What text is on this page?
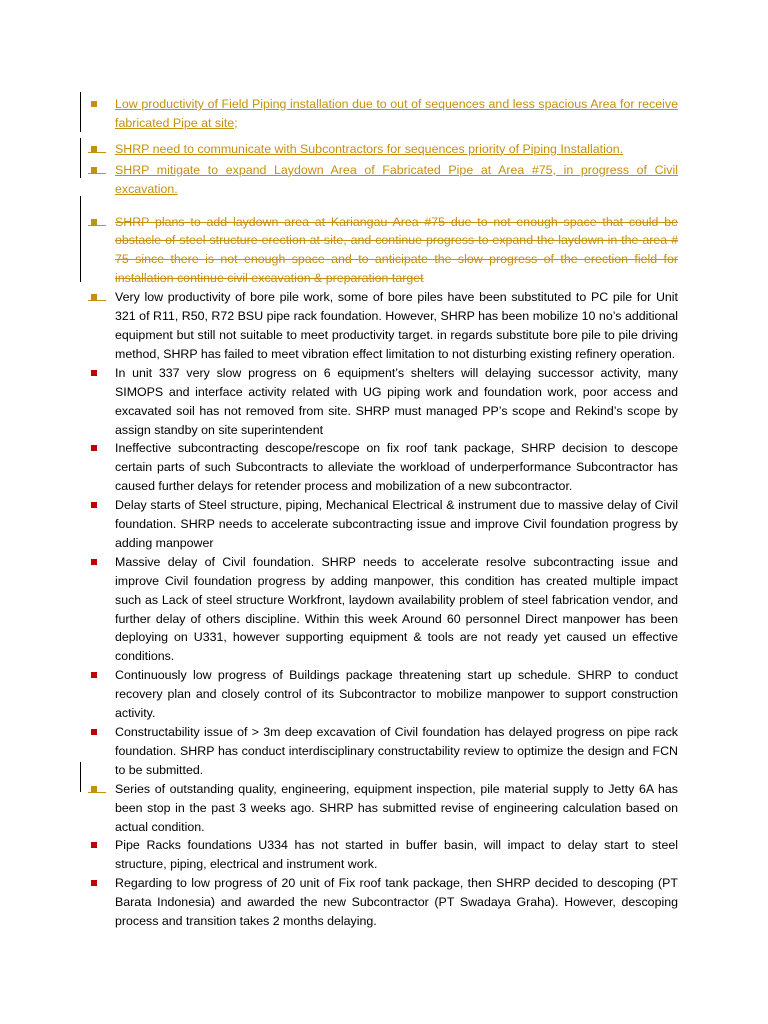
Low productivity of Field Piping installation due to out of sequences and less spacious Area for receive fabricated Pipe at site;
SHRP need to communicate with Subcontractors for sequences priority of Piping Installation.
SHRP mitigate to expand Laydown Area of Fabricated Pipe at Area #75, in progress of Civil excavation.
SHRP plans to add laydown area at Kariangau Area #75 due to not enough space that could be obstacle of steel structure erection at site, and continue progress to expand the laydown in the area # 75 since there is not enough space and to anticipate the slow progress of the erection field for installation continue civil excavation & preparation target
Very low productivity of bore pile work, some of bore piles have been substituted to PC pile for Unit 321 of R11, R50, R72 BSU pipe rack foundation. However, SHRP has been mobilize 10 no’s additional equipment but still not suitable to meet productivity target. in regards substitute bore pile to pile driving method, SHRP has failed to meet vibration effect limitation to not disturbing existing refinery operation.
In unit 337 very slow progress on 6 equipment’s shelters will delaying successor activity, many SIMOPS and interface activity related with UG piping work and foundation work, poor access and excavated soil has not removed from site. SHRP must managed PP’s scope and Rekind’s scope by assign standby on site superintendent
Ineffective subcontracting descope/rescope on fix roof tank package, SHRP decision to descope certain parts of such Subcontracts to alleviate the workload of underperformance Subcontractor has caused further delays for retender process and mobilization of a new subcontractor.
Delay starts of Steel structure, piping, Mechanical Electrical & instrument due to massive delay of Civil foundation. SHRP needs to accelerate subcontracting issue and improve Civil foundation progress by adding manpower
Massive delay of Civil foundation. SHRP needs to accelerate resolve subcontracting issue and improve Civil foundation progress by adding manpower, this condition has created multiple impact such as Lack of steel structure Workfront, laydown availability problem of steel fabrication vendor, and further delay of others discipline. Within this week Around 60 personnel Direct manpower has been deploying on U331, however supporting equipment & tools are not ready yet caused un effective conditions.
Continuously low progress of Buildings package threatening start up schedule. SHRP to conduct recovery plan and closely control of its Subcontractor to mobilize manpower to support construction activity.
Constructability issue of > 3m deep excavation of Civil foundation has delayed progress on pipe rack foundation. SHRP has conduct interdisciplinary constructability review to optimize the design and FCN to be submitted.
Series of outstanding quality, engineering, equipment inspection, pile material supply to Jetty 6A has been stop in the past 3 weeks ago. SHRP has submitted revise of engineering calculation based on actual condition.
Pipe Racks foundations U334 has not started in buffer basin, will impact to delay start to steel structure, piping, electrical and instrument work.
Regarding to low progress of 20 unit of Fix roof tank package, then SHRP decided to descoping (PT Barata Indonesia) and awarded the new Subcontractor (PT Swadaya Graha). However, descoping process and transition takes 2 months delaying.
